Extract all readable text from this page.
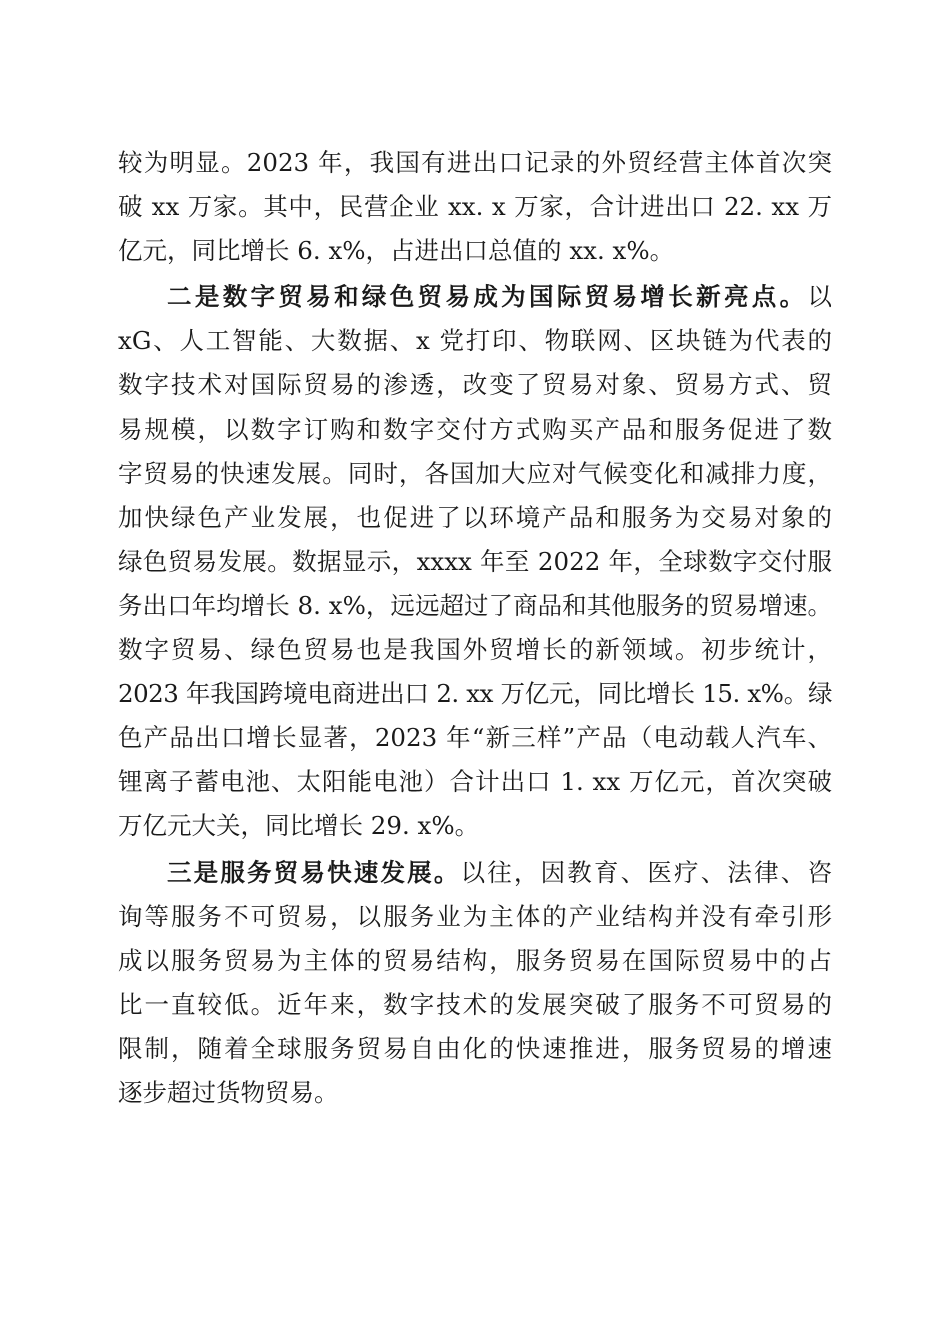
较为明显。2023 年，我国有进出口记录的外贸经营主体首次突
破 xx 万家。其中，民营企业 xx. x 万家，合计进出口 22. xx 万
亿元，同比增长 6. x%，占进出口总值的 xx. x%。
二是数字贸易和绿色贸易成为国际贸易增长新亮点。以
xG、人工智能、大数据、x 党打印、物联网、区块链为代表的
数字技术对国际贸易的渗透，改变了贸易对象、贸易方式、贸
易规模，以数字订购和数字交付方式购买产品和服务促进了数
字贸易的快速发展。同时，各国加大应对气候变化和减排力度，
加快绿色产业发展，也促进了以环境产品和服务为交易对象的
绿色贸易发展。数据显示，xxxx 年至 2022 年，全球数字交付服
务出口年均增长 8. x%，远远超过了商品和其他服务的贸易增速。
数字贸易、绿色贸易也是我国外贸增长的新领域。初步统计，
2023 年我国跨境电商进出口 2. xx 万亿元，同比增长 15. x%。绿
色产品出口增长显著，2023 年“新三样”产品（电动载人汽车、
锂离子蓄电池、太阳能电池）合计出口 1. xx 万亿元，首次突破
万亿元大关，同比增长 29. x%。
三是服务贸易快速发展。以往，因教育、医疗、法律、咨
询等服务不可贸易，以服务业为主体的产业结构并没有牵引形
成以服务贸易为主体的贸易结构，服务贸易在国际贸易中的占
比一直较低。近年来，数字技术的发展突破了服务不可贸易的
限制，随着全球服务贸易自由化的快速推进，服务贸易的增速
逐步超过货物贸易。
